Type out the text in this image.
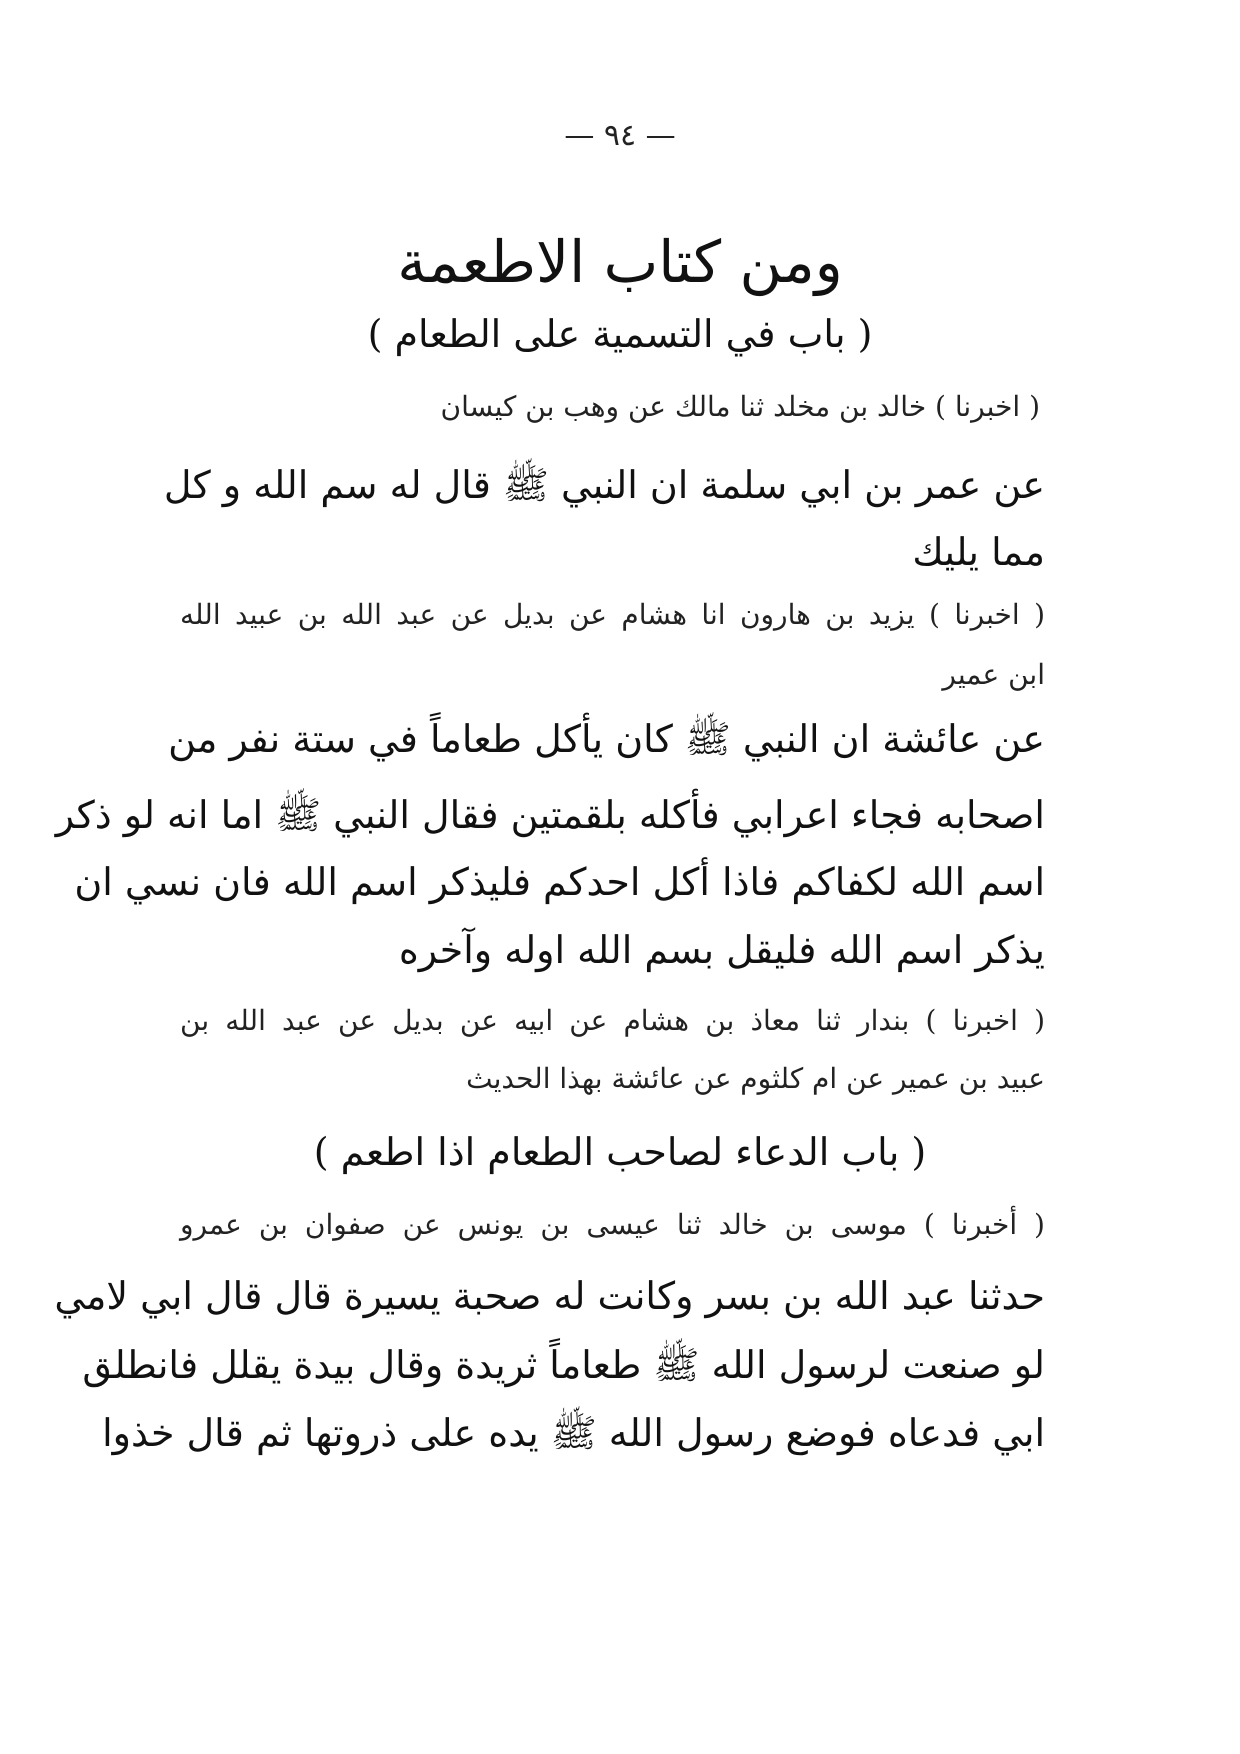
— ٩٤ —
ومن كتاب الاطعمة
( باب في التسمية على الطعام )
( اخبرنا ) خالد بن مخلد ثنا مالك عن وهب بن كيسان
عن عمر بن ابي سلمة ان النبي ﷺ قال له سم الله و كل
مما يليك
( اخبرنا ) يزيد بن هارون انا هشام عن بديل عن عبد الله بن عبيد الله
ابن عمير
عن عائشة ان النبي ﷺ كان يأكل طعاماً في ستة نفر من
اصحابه فجاء اعرابي فأكله بلقمتين فقال النبي ﷺ اما انه لو ذكر
اسم الله لكفاكم فاذا أكل احدكم فليذكر اسم الله فان نسي ان
يذكر اسم الله فليقل بسم الله اوله وآخره
( اخبرنا ) بندار ثنا معاذ بن هشام عن ابيه عن بديل عن عبد الله بن
عبيد بن عمير عن ام كلثوم عن عائشة بهذا الحديث
( باب الدعاء لصاحب الطعام اذا اطعم )
( أخبرنا ) موسى بن خالد ثنا عيسى بن يونس عن صفوان بن عمرو
حدثنا عبد الله بن بسر وكانت له صحبة يسيرة قال قال ابي لامي
لو صنعت لرسول الله ﷺ طعاماً ثريدة وقال بيدة يقلل فانطلق
ابي فدعاه فوضع رسول الله ﷺ يده على ذروتها ثم قال خذوا
